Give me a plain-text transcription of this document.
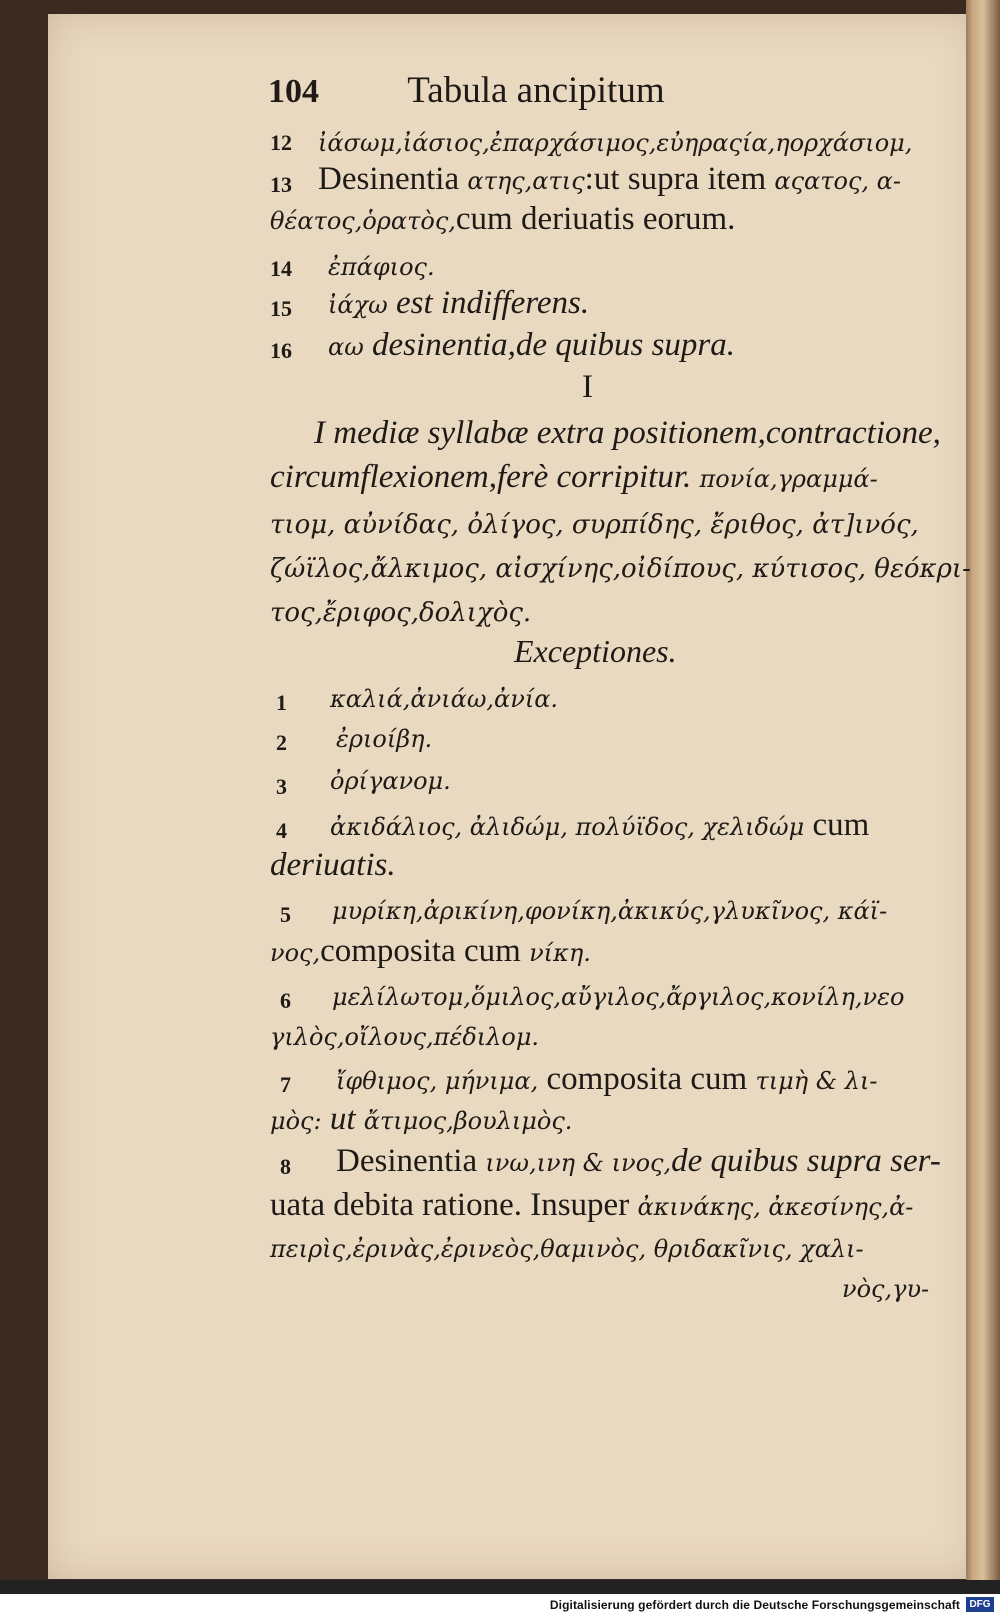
104 Tabula ancipitum
12 ἰάσωμ,ἰάσιος,ἐπαρχάσιμος,εὐηραςία,ηορχάσιομ,
13 Desinentia ατης,ατις:ut supra item αςατος, α-
θέατος,ὁρατὸς,cum deriuatis eorum.
14 ἐπάφιος.
15 ἰάχω est indifferens.
16 αω desinentia,de quibus supra.
I
I mediæ syllabæ extra positionem,contractione,
circumflexionem,ferè corripitur. πονία,γραμμά-
τιομ, αὐνίδας, ὀλίγος, συρπίδης, ἔριθος, ἀτ]ινός,
ζώϊλος,ἄλκιμος, αἰσχίνης,οἰδίπους, κύτισος, θεόκρι-
τος,ἔριφος,δολιχὸς.
Exceptiones.
1 καλιά,ἀνιάω,ἀνία.
2 ἐριοίβη.
3 ὀρίγανομ.
4 ἀκιδάλιος, ἀλιδώμ, πολύϊδος, χελιδώμ cum
deriuatis.
5 μυρίκη,ἀρικίνη,φονίκη,ἀκικύς,γλυκῖνος, κάϊ-
νος,composita cum νίκη.
6 μελίλωτομ,ὅμιλος,αὔγιλος,ἄργιλος,κονίλη,νεο
γιλὸς,οἴλους,πέδιλομ.
7 ἴφθιμος, μήνιμα, composita cum τιμὴ & λι-
μὸς: ut ἄτιμος,βουλιμὸς.
8 Desinentia ινω,ινη & ινος,de quibus supra ser-
uata debita ratione. Insuper ἀκινάκης, ἀκεσίνης,ἀ-
πειρὶς,ἐρινὰς,ἐρινεὸς,θαμινὸς, θριδακῖνις, χαλι-
νὸς,γυ-
Digitalisierung gefördert durch die Deutsche Forschungsgemeinschaft DFG
